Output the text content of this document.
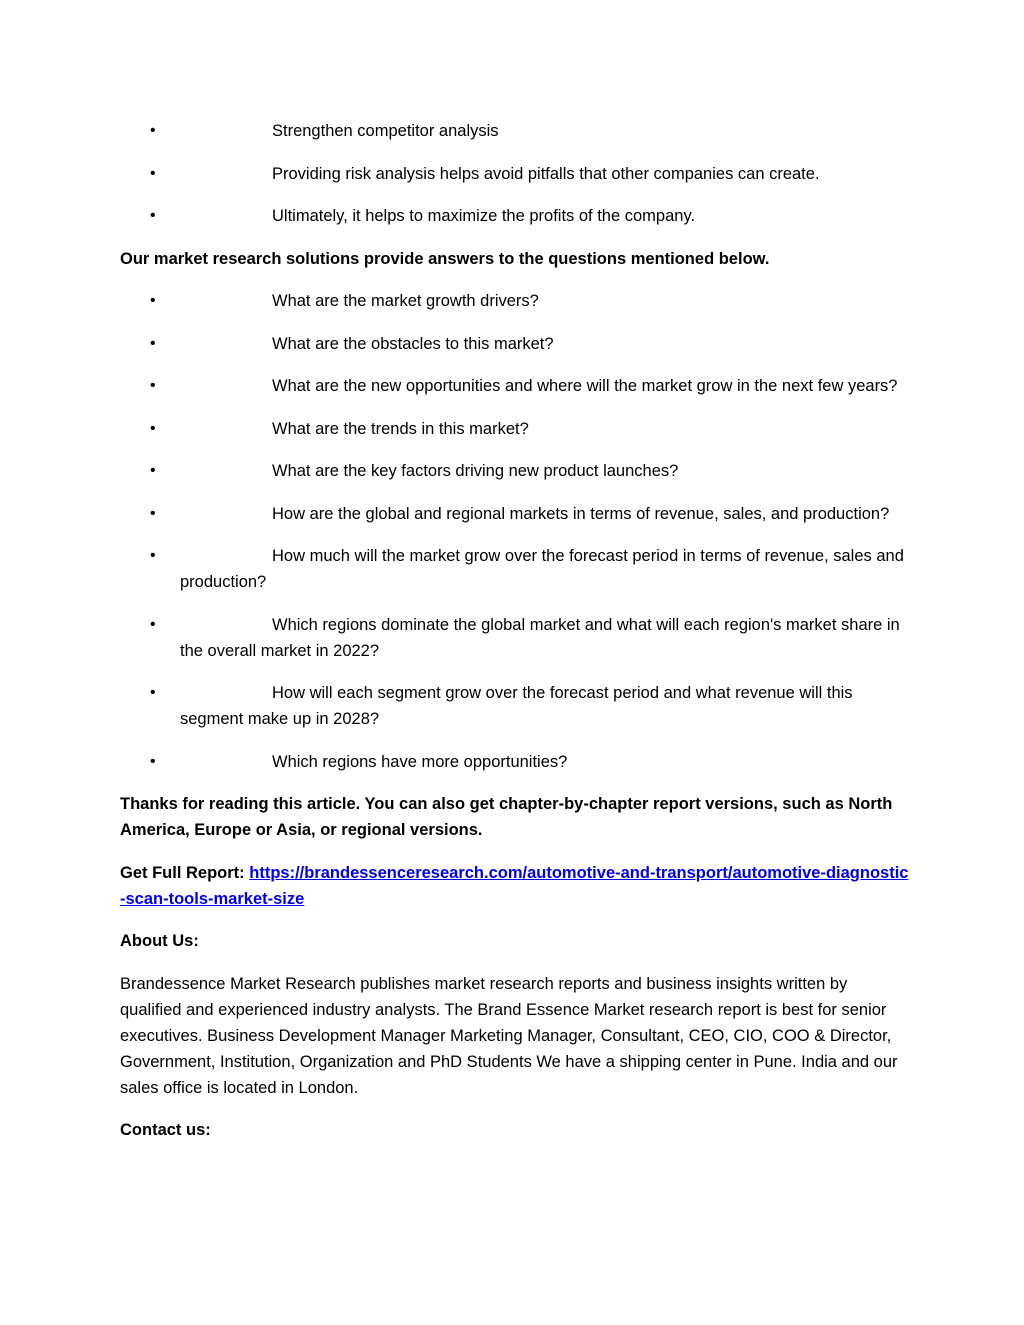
•	Strengthen competitor analysis
•	Providing risk analysis helps avoid pitfalls that other companies can create.
•	Ultimately, it helps to maximize the profits of the company.

Our market research solutions provide answers to the questions mentioned below.

•	What are the market growth drivers?
•	What are the obstacles to this market?
•	What are the new opportunities and where will the market grow in the next few years?
•	What are the trends in this market?
•	What are the key factors driving new product launches?
•	How are the global and regional markets in terms of revenue, sales, and production?
•	How much will the market grow over the forecast period in terms of revenue, sales and production?
•	Which regions dominate the global market and what will each region's market share in the overall market in 2022?
•	How will each segment grow over the forecast period and what revenue will this segment make up in 2028?
•	Which regions have more opportunities?

Thanks for reading this article. You can also get chapter-by-chapter report versions, such as North America, Europe or Asia, or regional versions.

Get Full Report: https://brandessenceresearch.com/automotive-and-transport/automotive-diagnostic-scan-tools-market-size

About Us:

Brandessence Market Research publishes market research reports and business insights written by qualified and experienced industry analysts. The Brand Essence Market research report is best for senior executives. Business Development Manager Marketing Manager, Consultant, CEO, CIO, COO & Director, Government, Institution, Organization and PhD Students We have a shipping center in Pune. India and our sales office is located in London.

Contact us:
